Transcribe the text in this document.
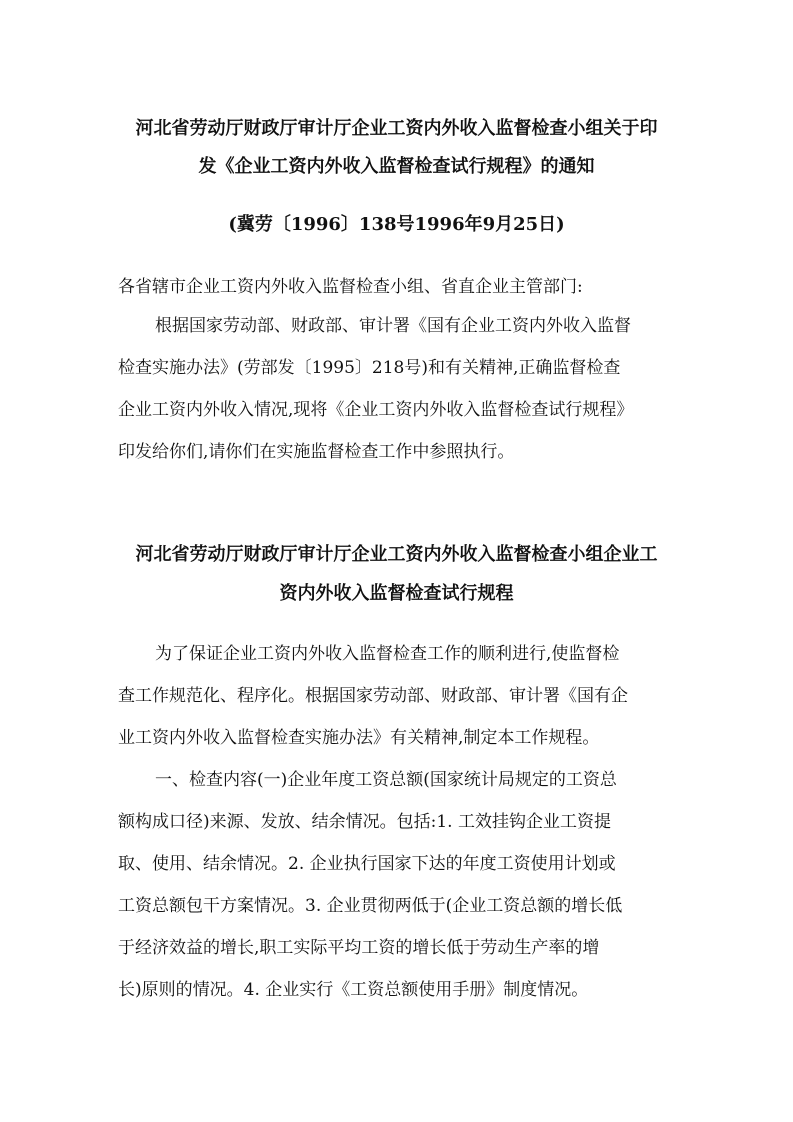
河北省劳动厅财政厅审计厅企业工资内外收入监督检查小组关于印
发《企业工资内外收入监督检查试行规程》的通知
(冀劳〔1996〕138号1996年9月25日)
各省辖市企业工资内外收入监督检查小组、省直企业主管部门:
根据国家劳动部、财政部、审计署《国有企业工资内外收入监督
检查实施办法》(劳部发〔1995〕218号)和有关精神,正确监督检查
企业工资内外收入情况,现将《企业工资内外收入监督检查试行规程》
印发给你们,请你们在实施监督检查工作中参照执行。
河北省劳动厅财政厅审计厅企业工资内外收入监督检查小组企业工
资内外收入监督检查试行规程
为了保证企业工资内外收入监督检查工作的顺利进行,使监督检
查工作规范化、程序化。根据国家劳动部、财政部、审计署《国有企
业工资内外收入监督检查实施办法》有关精神,制定本工作规程。
一、检查内容(一)企业年度工资总额(国家统计局规定的工资总
额构成口径)来源、发放、结余情况。包括:1. 工效挂钩企业工资提
取、使用、结余情况。2. 企业执行国家下达的年度工资使用计划或
工资总额包干方案情况。3. 企业贯彻两低于(企业工资总额的增长低
于经济效益的增长,职工实际平均工资的增长低于劳动生产率的增
长)原则的情况。4. 企业实行《工资总额使用手册》制度情况。
